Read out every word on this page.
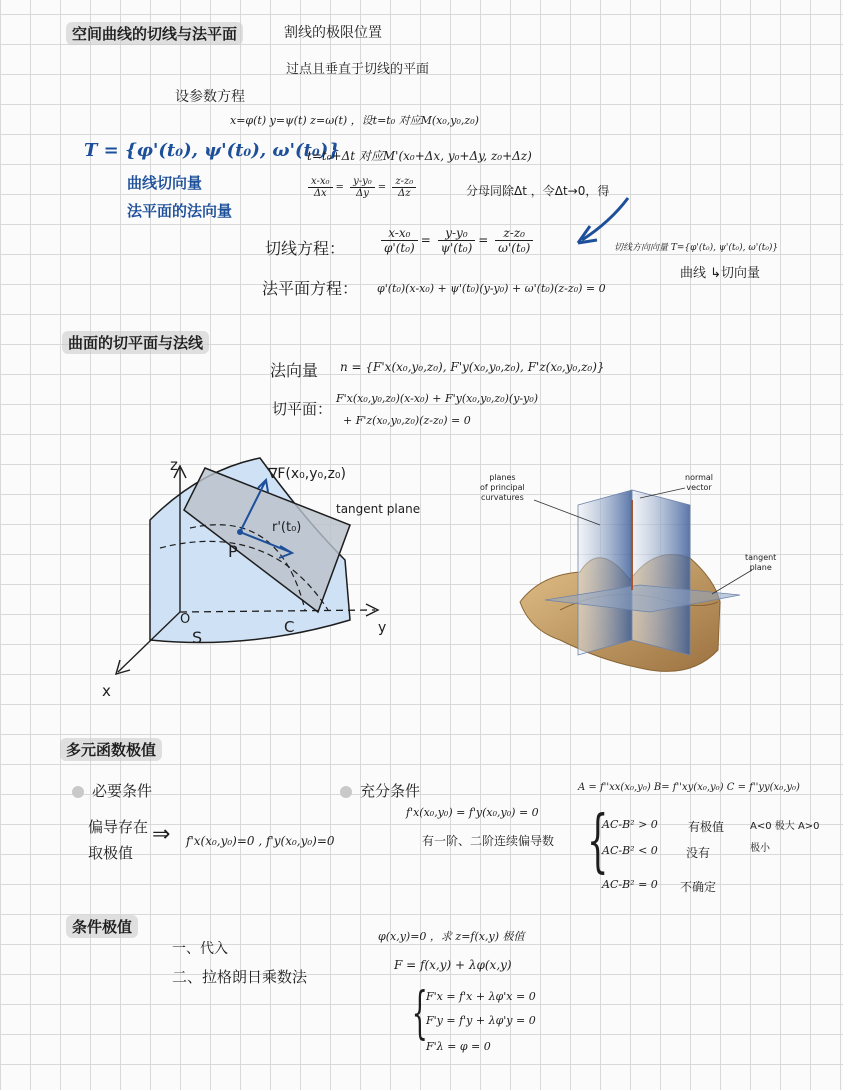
空间曲线的切线与法平面	割线的极限位置
过点且垂直于切线的平面
设参数方程
x=φ(t) y=ψ(t) z=ω(t) ，设t=t₀ 对应M(x₀,y₀,z₀)
T = {φ'(t₀), ψ'(t₀), ω'(t₀)}
t=t₀+Δt 对应M'(x₀+Δx, y₀+Δy, z₀+Δz)
曲线切向量
法平面的法向量
$\frac{\text{x-x₀}}{\Delta x} = \frac{\text{y-y₀}}{\Delta y} = \frac{\text{z-z₀}}{\Delta z}$	分母同除Δt ，令Δt→0，得
切线方程：	$\frac{\text{x-x₀}}{\text{φ'(t₀)}} = \frac{\text{y-y₀}}{\text{ψ'(t₀)}} = \frac{\text{z-z₀}}{\text{ω'(t₀)}}$	切线方向向量 T={φ'(t₀), ψ'(t₀), ω'(t₀)}
曲线 ↳切向量
法平面方程： φ'(t₀)(x-x₀) + ψ'(t₀)(y-y₀) + ω'(t₀)(z-z₀) = 0
曲面的切平面与法线
法向量 n = {F'x(x₀,y₀,z₀), F'y(x₀,y₀,z₀), F'z(x₀,y₀,z₀)}
切平面：
F'x(x₀,y₀,z₀)(x-x₀) + F'y(x₀,y₀,z₀)(y-y₀)
+ F'z(x₀,y₀,z₀)(z-z₀) = 0
z
y
x
∇F(x₀,y₀,z₀)
tangent plane
r'(t₀)
P
O
S
C
planes
of principal
curvatures
normal
vector
tangent
plane
多元函数极值
必要条件	充分条件	A = f''xx(x₀,y₀) B= f''xy(x₀,y₀) C = f''yy(x₀,y₀)
偏导存在
取极值
⇒ f'x(x₀,y₀)=0 , f'y(x₀,y₀)=0
f'x(x₀,y₀) = f'y(x₀,y₀) = 0
有一阶、二阶连续偏导数 {
AC-B² > 0	有极值	A<0 极大 A>0 极小
AC-B² < 0 没有
AC-B² = 0 不确定
条件极值
一、代入
二、拉格朗日乘数法
φ(x,y)=0 ，求 z=f(x,y) 极值
F = f(x,y) + λφ(x,y)
{
F'x = f'x + λφ'x = 0
F'y = f'y + λφ'y = 0
F'λ = φ = 0
